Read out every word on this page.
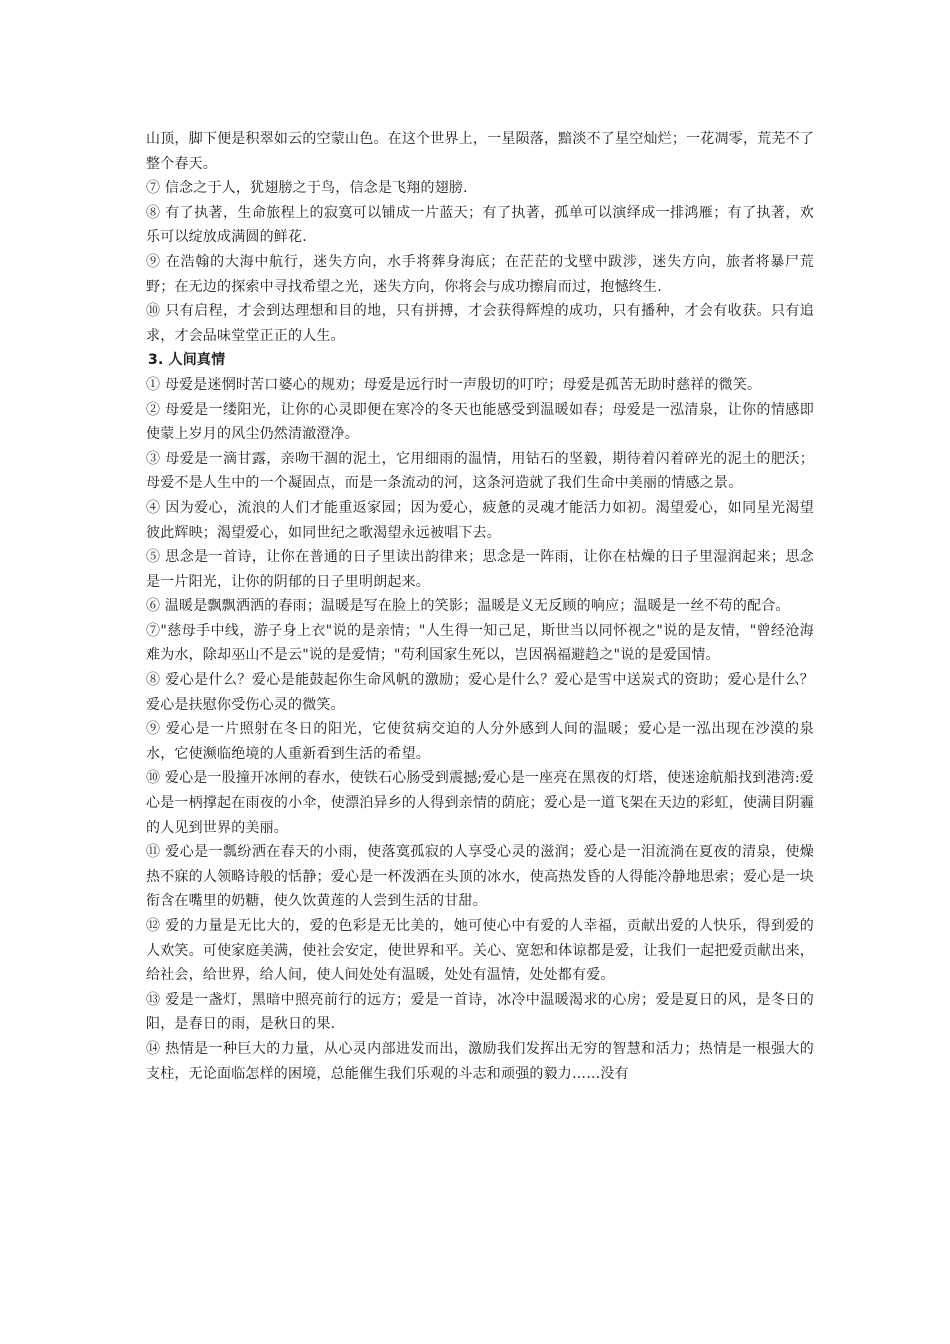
山顶，脚下便是积翠如云的空蒙山色。在这个世界上，一星陨落，黯淡不了星空灿烂；一花凋零，荒芜不了整个春天。

⑦ 信念之于人，犹翅膀之于鸟，信念是飞翔的翅膀.

⑧ 有了执著，生命旅程上的寂寞可以铺成一片蓝天；有了执著，孤单可以演绎成一排鸿雁；有了执著，欢乐可以绽放成满圆的鲜花.

⑨ 在浩翰的大海中航行，迷失方向，水手将葬身海底；在茫茫的戈壁中跋涉，迷失方向，旅者将暴尸荒野；在无边的探索中寻找希望之光，迷失方向，你将会与成功擦肩而过，抱憾终生.

⑩ 只有启程，才会到达理想和目的地，只有拼搏，才会获得辉煌的成功，只有播种，才会有收获。只有追求，才会品味堂堂正正的人生。

3. 人间真情

① 母爱是迷惘时苦口婆心的规劝；母爱是远行时一声殷切的叮咛；母爱是孤苦无助时慈祥的微笑。

② 母爱是一缕阳光，让你的心灵即便在寒冷的冬天也能感受到温暖如春；母爱是一泓清泉，让你的情感即使蒙上岁月的风尘仍然清澈澄净。

③ 母爱是一滴甘露，亲吻干涸的泥土，它用细雨的温情，用钻石的坚毅，期待着闪着碎光的泥土的肥沃；母爱不是人生中的一个凝固点，而是一条流动的河，这条河造就了我们生命中美丽的情感之景。

④ 因为爱心，流浪的人们才能重返家园；因为爱心，疲惫的灵魂才能活力如初。渴望爱心，如同星光渴望彼此辉映；渴望爱心，如同世纪之歌渴望永远被唱下去。

⑤ 思念是一首诗，让你在普通的日子里读出韵律来；思念是一阵雨，让你在枯燥的日子里湿润起来；思念是一片阳光，让你的阴郁的日子里明朗起来。

⑥ 温暖是飘飘洒洒的春雨；温暖是写在脸上的笑影；温暖是义无反顾的响应；温暖是一丝不苟的配合。

⑦"慈母手中线，游子身上衣"说的是亲情；"人生得一知己足，斯世当以同怀视之"说的是友情，"曾经沧海难为水，除却巫山不是云"说的是爱情；"苟利国家生死以，岂因祸福避趋之"说的是爱国情。

⑧ 爱心是什么？爱心是能鼓起你生命风帆的激励；爱心是什么？爱心是雪中送炭式的资助；爱心是什么？爱心是扶慰你受伤心灵的微笑。

⑨ 爱心是一片照射在冬日的阳光，它使贫病交迫的人分外感到人间的温暖；爱心是一泓出现在沙漠的泉水，它使濒临绝境的人重新看到生活的希望。

⑩ 爱心是一股撞开冰闸的春水，使铁石心肠受到震撼;爱心是一座亮在黑夜的灯塔，使迷途航船找到港湾:爱心是一柄撑起在雨夜的小伞，使漂泊异乡的人得到亲情的荫庇；爱心是一道飞架在天边的彩虹，使满目阴霾的人见到世界的美丽。

⑪ 爱心是一瓢纷洒在春天的小雨，使落寞孤寂的人享受心灵的滋润；爱心是一泪流淌在夏夜的清泉，使燥热不寐的人领略诗般的恬静；爱心是一杯泼洒在头顶的冰水，使高热发昏的人得能冷静地思索；爱心是一块衔含在嘴里的奶糖，使久饮黄莲的人尝到生活的甘甜。

⑫ 爱的力量是无比大的，爱的色彩是无比美的，她可使心中有爱的人幸福，贡献出爱的人快乐，得到爱的人欢笑。可使家庭美满，使社会安定，使世界和平。关心、宽恕和体谅都是爱，让我们一起把爱贡献出来，给社会，给世界，给人间，使人间处处有温暖，处处有温情，处处都有爱。

⑬ 爱是一盏灯，黑暗中照亮前行的远方；爱是一首诗，冰冷中温暖渴求的心房；爱是夏日的风，是冬日的阳，是春日的雨，是秋日的果.

⑭ 热情是一种巨大的力量，从心灵内部进发而出，激励我们发挥出无穷的智慧和活力；热情是一根强大的支柱，无论面临怎样的困境，总能催生我们乐观的斗志和顽强的毅力……没有
